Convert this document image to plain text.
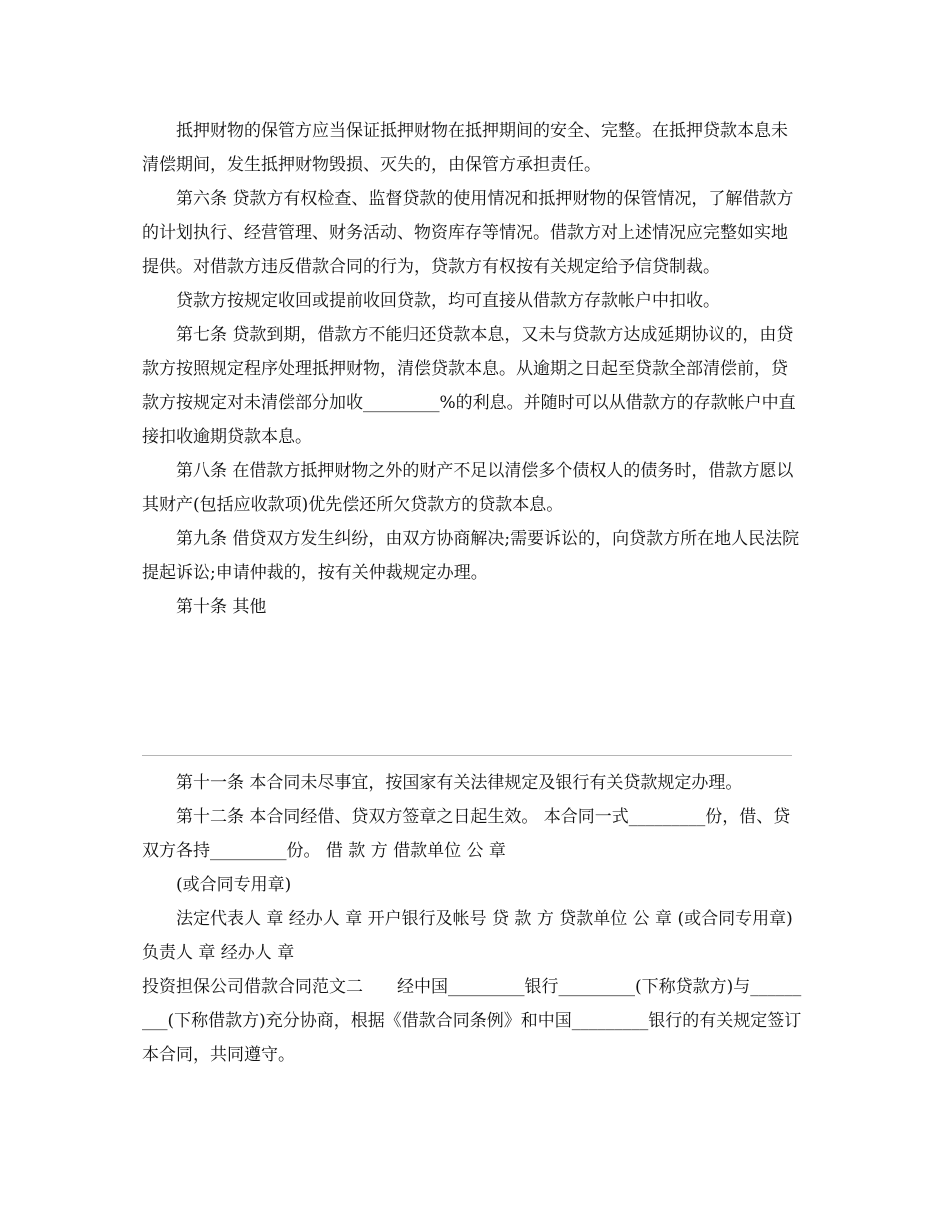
抵押财物的保管方应当保证抵押财物在抵押期间的安全、完整。在抵押贷款本息未清偿期间，发生抵押财物毁损、灭失的，由保管方承担责任。

第六条 贷款方有权检查、监督贷款的使用情况和抵押财物的保管情况，了解借款方的计划执行、经营管理、财务活动、物资库存等情况。借款方对上述情况应完整如实地提供。对借款方违反借款合同的行为，贷款方有权按有关规定给予信贷制裁。

贷款方按规定收回或提前收回贷款，均可直接从借款方存款帐户中扣收。

第七条 贷款到期，借款方不能归还贷款本息，又未与贷款方达成延期协议的，由贷款方按照规定程序处理抵押财物，清偿贷款本息。从逾期之日起至贷款全部清偿前，贷款方按规定对未清偿部分加收_________%的利息。并随时可以从借款方的存款帐户中直接扣收逾期贷款本息。

第八条 在借款方抵押财物之外的财产不足以清偿多个债权人的债务时，借款方愿以其财产(包括应收款项)优先偿还所欠贷款方的贷款本息。

第九条 借贷双方发生纠纷，由双方协商解决;需要诉讼的，向贷款方所在地人民法院提起诉讼;申请仲裁的，按有关仲裁规定办理。

第十条 其他

第十一条 本合同未尽事宜，按国家有关法律规定及银行有关贷款规定办理。

第十二条 本合同经借、贷双方签章之日起生效。 本合同一式_________份，借、贷双方各持_________份。 借 款 方 借款单位 公 章

(或合同专用章)

法定代表人 章 经办人 章 开户银行及帐号 贷 款 方 贷款单位 公 章 (或合同专用章) 负责人 章 经办人 章

投资担保公司借款合同范文二　　经中国_________银行_________(下称贷款方)与_________(下称借款方)充分协商，根据《借款合同条例》和中国_________银行的有关规定签订本合同，共同遵守。
